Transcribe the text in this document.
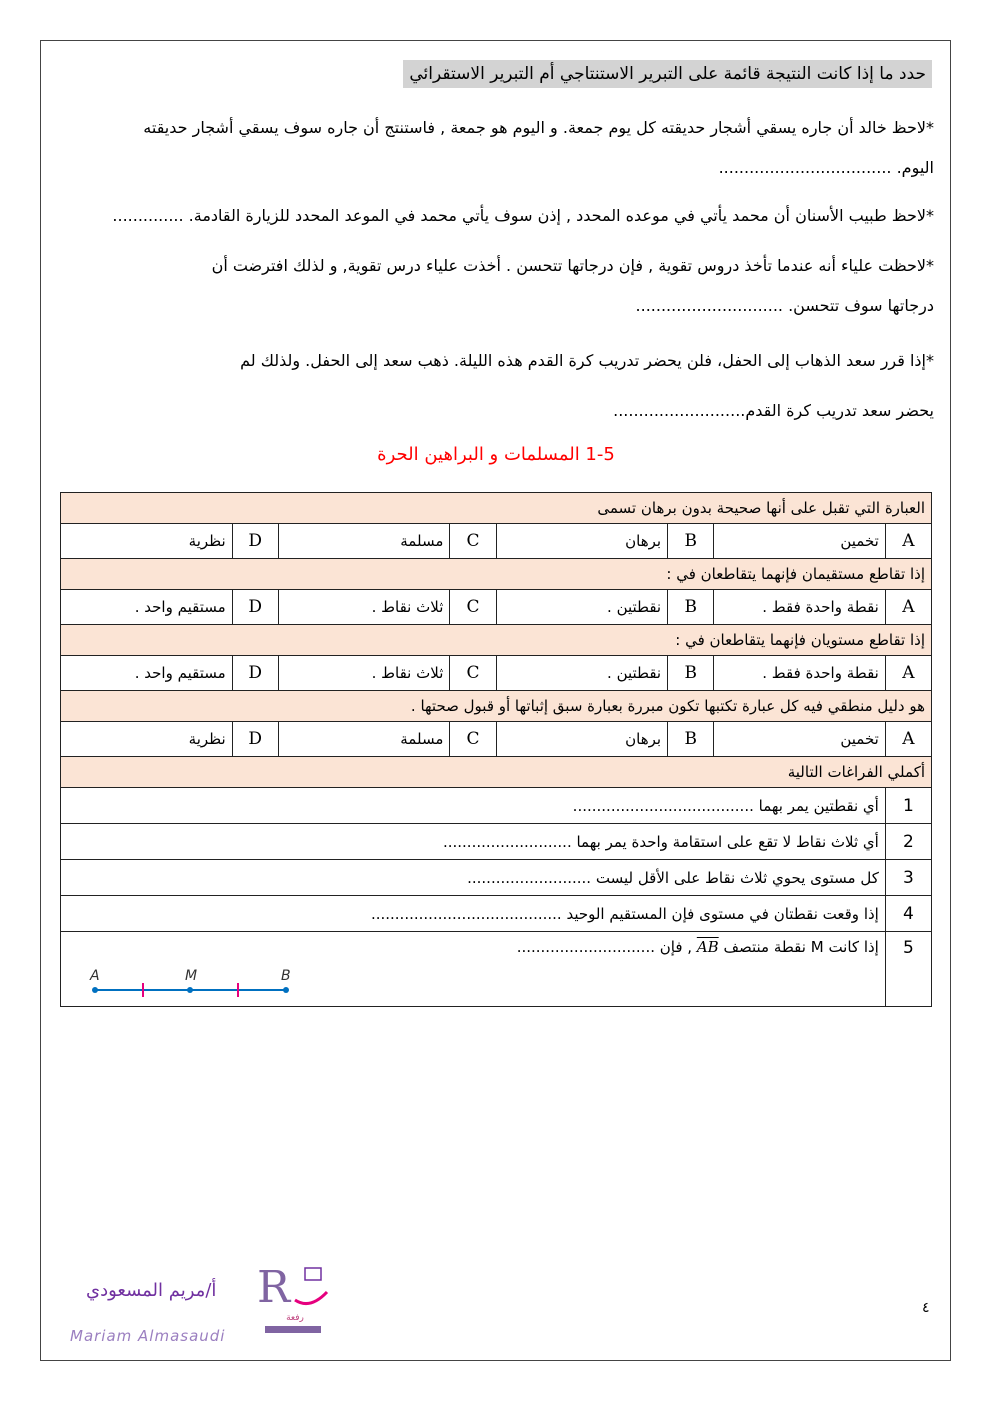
حدد ما إذا كانت النتيجة قائمة على التبرير الاستنتاجي أم التبرير الاستقرائي
*لاحظ خالد أن جاره يسقي أشجار حديقته كل يوم جمعة. و اليوم هو جمعة , فاستنتج أن جاره سوف يسقي أشجار حديقته
اليوم. ..................................
*لاحظ طبيب الأسنان أن محمد يأتي في موعده المحدد , إذن سوف يأتي محمد في الموعد المحدد للزيارة القادمة. ..............
*لاحظت علياء أنه عندما تأخذ دروس تقوية , فإن درجاتها تتحسن . أخذت علياء درس تقوية, و لذلك افترضت أن
درجاتها سوف تتحسن. .............................
*إذا قرر سعد الذهاب إلى الحفل، فلن يحضر تدريب كرة القدم هذه الليلة. ذهب سعد إلى الحفل. ولذلك لم
يحضر سعد تدريب كرة القدم..........................
1-5 المسلمات و البراهين الحرة
العبارة التي تقبل على أنها صحيحة بدون برهان تسمى							
A	تخمين	B	برهان	C	مسلمة	D	نظرية
إذا تقاطع مستقيمان فإنهما يتقاطعان في :							
A	نقطة واحدة فقط .	B	نقطتين .	C	ثلاث نقاط .	D	مستقيم واحد .
إذا تقاطع مستويان فإنهما يتقاطعان في :							
A	نقطة واحدة فقط .	B	نقطتين .	C	ثلاث نقاط .	D	مستقيم واحد .
هو دليل منطقي فيه كل عبارة تكتبها تكون مبررة بعبارة سبق إثباتها أو قبول صحتها .							
A	تخمين	B	برهان	C	مسلمة	D	نظرية
أكملي الفراغات التالية							
1	أي نقطتين يمر بهما ......................................						
2	أي ثلاث نقاط لا تقع على استقامة واحدة يمر بهما ...........................						
3	كل مستوى يحوي ثلاث نقاط على الأقل ليست ..........................						
4	إذا وقعت نقطتان في مستوى فإن المستقيم الوحيد ........................................						
5	إذا كانت M نقطة منتصف AB , فإن .............................						
A	M	B
R
رفعة
أ/مريم المسعودي
Mariam Almasaudi
٤
